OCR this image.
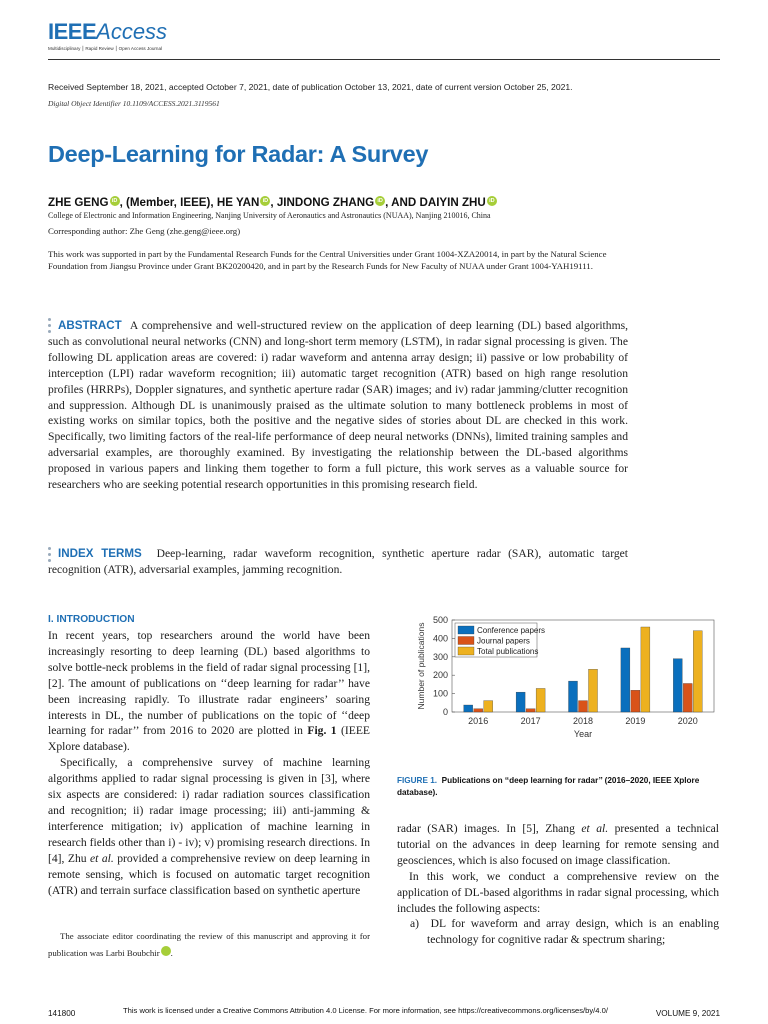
IEEEAccess
Multidisciplinary ⎮ Rapid Review ⎮ Open Access Journal
Received September 18, 2021, accepted October 7, 2021, date of publication October 13, 2021, date of current version October 25, 2021.
Digital Object Identifier 10.1109/ACCESS.2021.3119561
Deep-Learning for Radar: A Survey
ZHE GENG iD , (Member, IEEE), HE YAN iD , JINDONG ZHANG iD , AND DAIYIN ZHU iD
College of Electronic and Information Engineering, Nanjing University of Aeronautics and Astronautics (NUAA), Nanjing 210016, China
Corresponding author: Zhe Geng (zhe.geng@ieee.org)
This work was supported in part by the Fundamental Research Funds for the Central Universities under Grant 1004-XZA20014, in part by the Natural Science Foundation from Jiangsu Province under Grant BK20200420, and in part by the Research Funds for New Faculty of NUAA under Grant 1004-YAH19111.
ABSTRACT A comprehensive and well-structured review on the application of deep learning (DL) based algorithms, such as convolutional neural networks (CNN) and long-short term memory (LSTM), in radar signal processing is given. The following DL application areas are covered: i) radar waveform and antenna array design; ii) passive or low probability of interception (LPI) radar waveform recognition; iii) automatic target recognition (ATR) based on high range resolution profiles (HRRPs), Doppler signatures, and synthetic aperture radar (SAR) images; and iv) radar jamming/clutter recognition and suppression. Although DL is unanimously praised as the ultimate solution to many bottleneck problems in most of existing works on similar topics, both the positive and the negative sides of stories about DL are checked in this work. Specifically, two limiting factors of the real-life performance of deep neural networks (DNNs), limited training samples and adversarial examples, are thoroughly examined. By investigating the relationship between the DL-based algorithms proposed in various papers and linking them together to form a full picture, this work serves as a valuable source for researchers who are seeking potential research opportunities in this promising research field.
INDEX TERMS Deep-learning, radar waveform recognition, synthetic aperture radar (SAR), automatic target recognition (ATR), adversarial examples, jamming recognition.
I. INTRODUCTION

In recent years, top researchers around the world have been increasingly resorting to deep learning (DL) based algorithms to solve bottle-neck problems in the field of radar signal processing [1], [2]. The amount of publications on ‘‘deep learning for radar’’ have been increasing rapidly. To illustrate radar engineers’ soaring interests in DL, the number of publications on the topic of ‘‘deep learning for radar’’ from 2016 to 2020 are plotted in Fig. 1 (IEEE Xplore database).

Specifically, a comprehensive survey of machine learning algorithms applied to radar signal processing is given in [3], where six aspects are considered: i) radar radiation sources classification and recognition; ii) radar image processing; iii) anti-jamming & interference mitigation; iv) application of machine learning in research fields other than i) - iv); v) promising research directions. In [4], Zhu et al. provided a comprehensive review on deep learning in remote sensing, which is focused on automatic target recognition (ATR) and terrain surface classification based on synthetic aperture

The associate editor coordinating the review of this manuscript and approving it for publication was Larbi Boubchir iD.
0
100
200
300
400
500
2016	2017	2018	2019	2020
Number of publications
Year
Conference papers
Journal papers
Total publications
FIGURE 1. Publications on ‘‘deep learning for radar’’ (2016–2020, IEEE Xplore database).

radar (SAR) images. In [5], Zhang et al. presented a technical tutorial on the advances in deep learning for remote sensing and geosciences, which is also focused on image classification.

In this work, we conduct a comprehensive review on the application of DL-based algorithms in radar signal processing, which includes the following aspects:

a)  DL for waveform and array design, which is an enabling technology for cognitive radar & spectrum sharing;

141800	This work is licensed under a Creative Commons Attribution 4.0 License. For more information, see https://creativecommons.org/licenses/by/4.0/	VOLUME 9, 2021
